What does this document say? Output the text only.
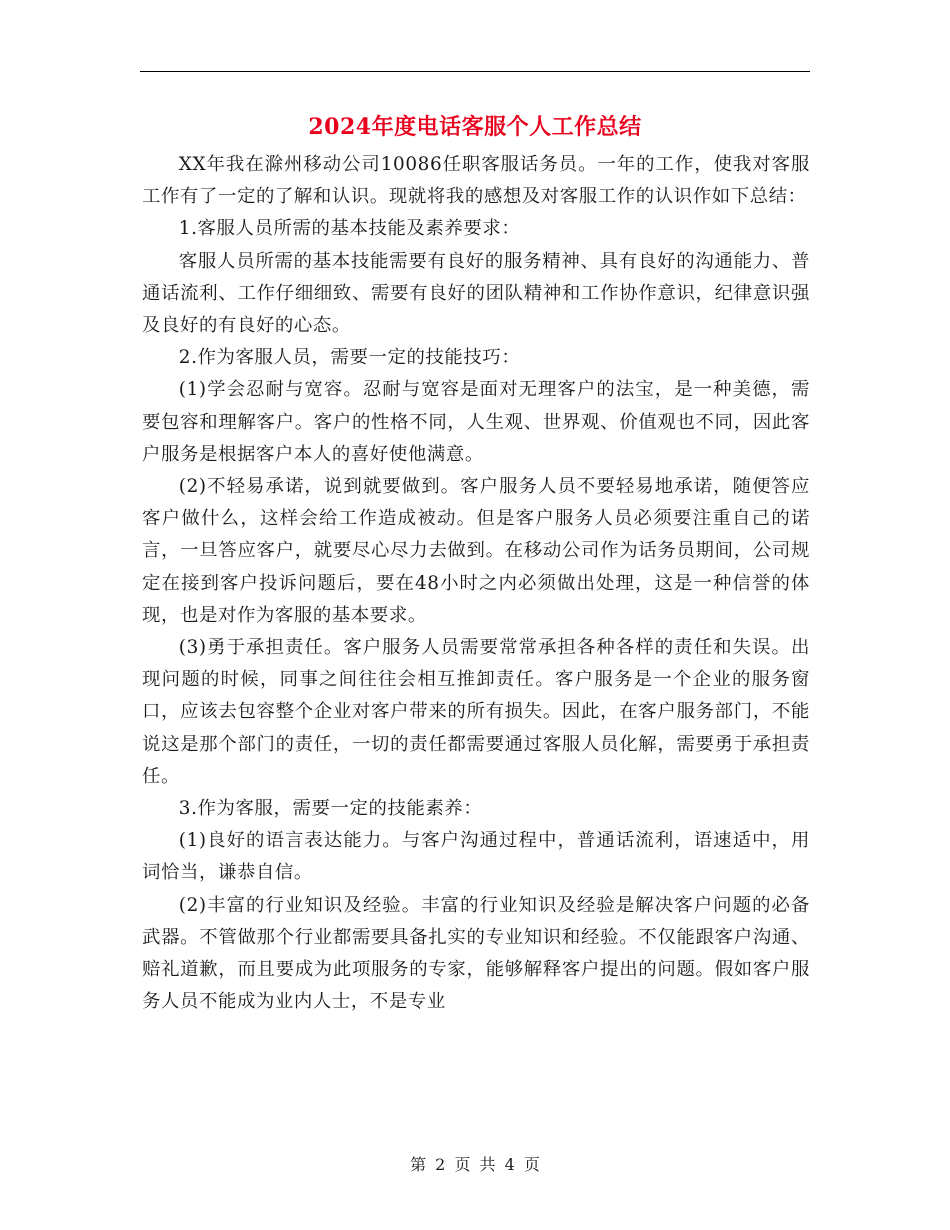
2024年度电话客服个人工作总结

XX年我在滁州移动公司10086任职客服话务员。一年的工作，使我对客服工作有了一定的了解和认识。现就将我的感想及对客服工作的认识作如下总结：

1.客服人员所需的基本技能及素养要求：

客服人员所需的基本技能需要有良好的服务精神、具有良好的沟通能力、普通话流利、工作仔细细致、需要有良好的团队精神和工作协作意识，纪律意识强及良好的有良好的心态。

2.作为客服人员，需要一定的技能技巧：

(1)学会忍耐与宽容。忍耐与宽容是面对无理客户的法宝，是一种美德，需要包容和理解客户。客户的性格不同，人生观、世界观、价值观也不同，因此客户服务是根据客户本人的喜好使他满意。

(2)不轻易承诺，说到就要做到。客户服务人员不要轻易地承诺，随便答应客户做什么，这样会给工作造成被动。但是客户服务人员必须要注重自己的诺言，一旦答应客户，就要尽心尽力去做到。在移动公司作为话务员期间，公司规定在接到客户投诉问题后，要在48小时之内必须做出处理，这是一种信誉的体现，也是对作为客服的基本要求。

(3)勇于承担责任。客户服务人员需要常常承担各种各样的责任和失误。出现问题的时候，同事之间往往会相互推卸责任。客户服务是一个企业的服务窗口，应该去包容整个企业对客户带来的所有损失。因此，在客户服务部门，不能说这是那个部门的责任，一切的责任都需要通过客服人员化解，需要勇于承担责任。

3.作为客服，需要一定的技能素养：

(1)良好的语言表达能力。与客户沟通过程中，普通话流利，语速适中，用词恰当，谦恭自信。

(2)丰富的行业知识及经验。丰富的行业知识及经验是解决客户问题的必备武器。不管做那个行业都需要具备扎实的专业知识和经验。不仅能跟客户沟通、赔礼道歉，而且要成为此项服务的专家，能够解释客户提出的问题。假如客户服务人员不能成为业内人士，不是专业

第 2 页 共 4 页
